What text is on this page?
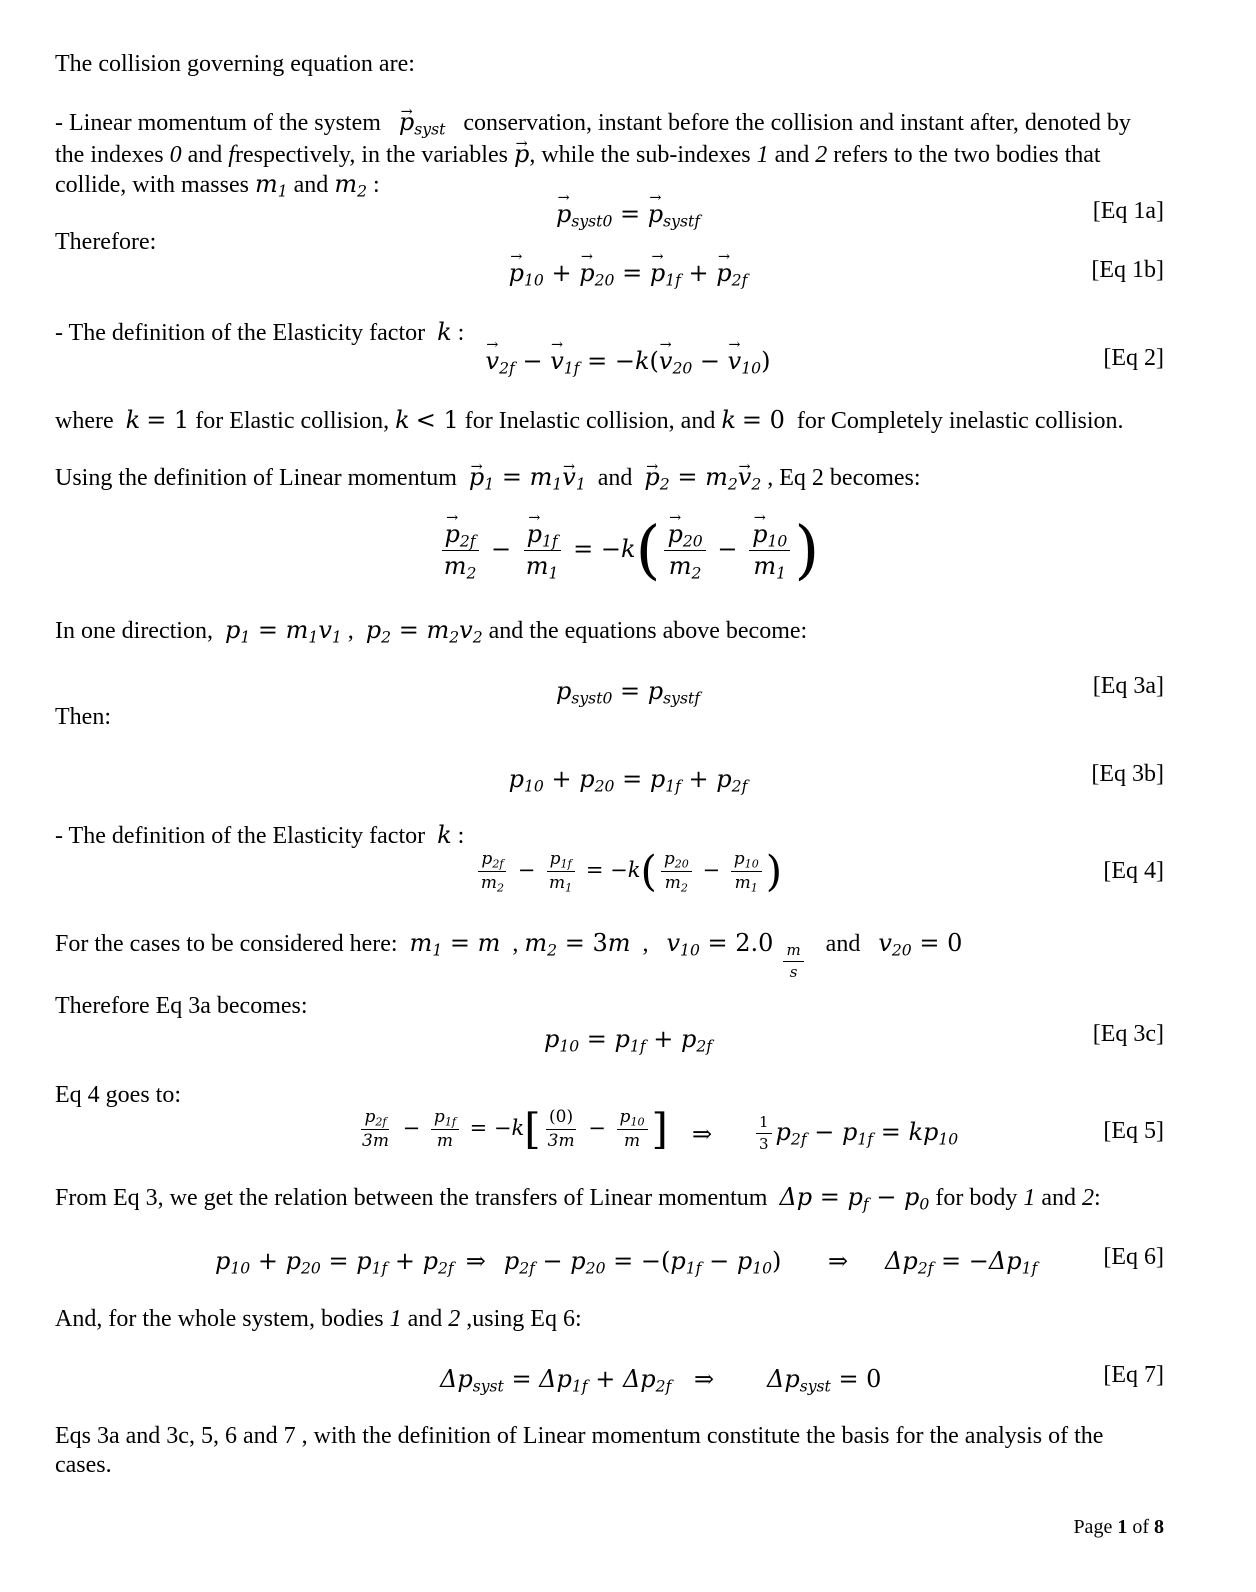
The collision governing equation are:
- Linear momentum of the system   → $p_{syst}$ conservation, instant before the collision and instant after, denoted by
the indexes 0 and frespectively, in the variables → p, while the sub-indexes 1 and 2 refers to the two bodies that
collide, with masses $m_1$ and $m_2$ :
→ $p_{syst0}$ = → $p_{systf}$	[Eq 1a]
Therefore:
→ $p_{10}$ + → $p_{20}$ = → $p_{1f}$ + → $p_{2f}$	[Eq 1b]
- The definition of the Elasticity factor k :
→ $v_{2f}$ − → $v_{1f} = -k(\to v_{20}$ − → $v_{10}$)	[Eq 2]
where k = 1 for Elastic collision, k < 1 for Inelastic collision, and k = 0 for Completely inelastic collision.
Using the definition of Linear momentum  → $p_1 = m_1\to v_1$ and  → $p_2 = m_2\to v_2$ , Eq 2 becomes:
→ $\frac{p_{2f}}{m_2}$ −
→ $\frac{p_{1f}}{m_1} = -k$(
→ $\frac{p_{20}}{m_2}$ −
→ $\frac{p_{10}}{m_1}$ )
In one direction, $p_1 = m_1v_1$ ,  $p_2 = m_2v_2$ and the equations above become:
$p_{syst0} = p_{systf}$	[Eq 3a]
Then:
$p_{10} + p_{20} = p_{1f} + p_{2f}$	[Eq 3b]
- The definition of the Elasticity factor k :
$\frac{p_{2f}}{m_2} - \frac{p_{1f}}{m_1} = -k( \frac{p_{20}}{m_2} - \frac{p_{10}}{m_1}$ )	[Eq 4]
For the cases to be considered here: $m_1 = m$  , $m_2 = 3m$  ,   $v_{10} = 2.0 \frac{m}{s}$ and $v_{20} = 0$
Therefore Eq 3a becomes:
$p_{10} = p_{1f} + p_{2f}$	[Eq 3c]
Eq 4 goes to:
$\frac{p_{2f}}{3m} - \frac{p_{1f}}{m} = -k[ \frac{(0)}{3m} - \frac{p_{10}}{m}$ ] ⇒	$\frac{1}{3} p_{2f} - p_{1f} = kp_{10}$	[Eq 5]
From Eq 3, we get the relation between the transfers of Linear momentum $\Delta p = p_f - p_0$ for body 1 and 2:
$p_{10} + p_{20} = p_{1f} + p_{2f}$ ⇒ $p_{2f} - p_{20} = -(p_{1f} - p_{10})$ ⇒ $\Delta p_{2f} = -\Delta p_{1f}$	[Eq 6]
And, for the whole system, bodies 1 and 2 ,using Eq 6:
$\Delta p_{syst} = \Delta p_{1f} + \Delta p_{2f}$ ⇒ $\Delta p_{syst} = 0$	[Eq 7]
Eqs 3a and 3c, 5, 6 and 7 , with the definition of Linear momentum constitute the basis for the analysis of the
cases.
Page 1 of 8
